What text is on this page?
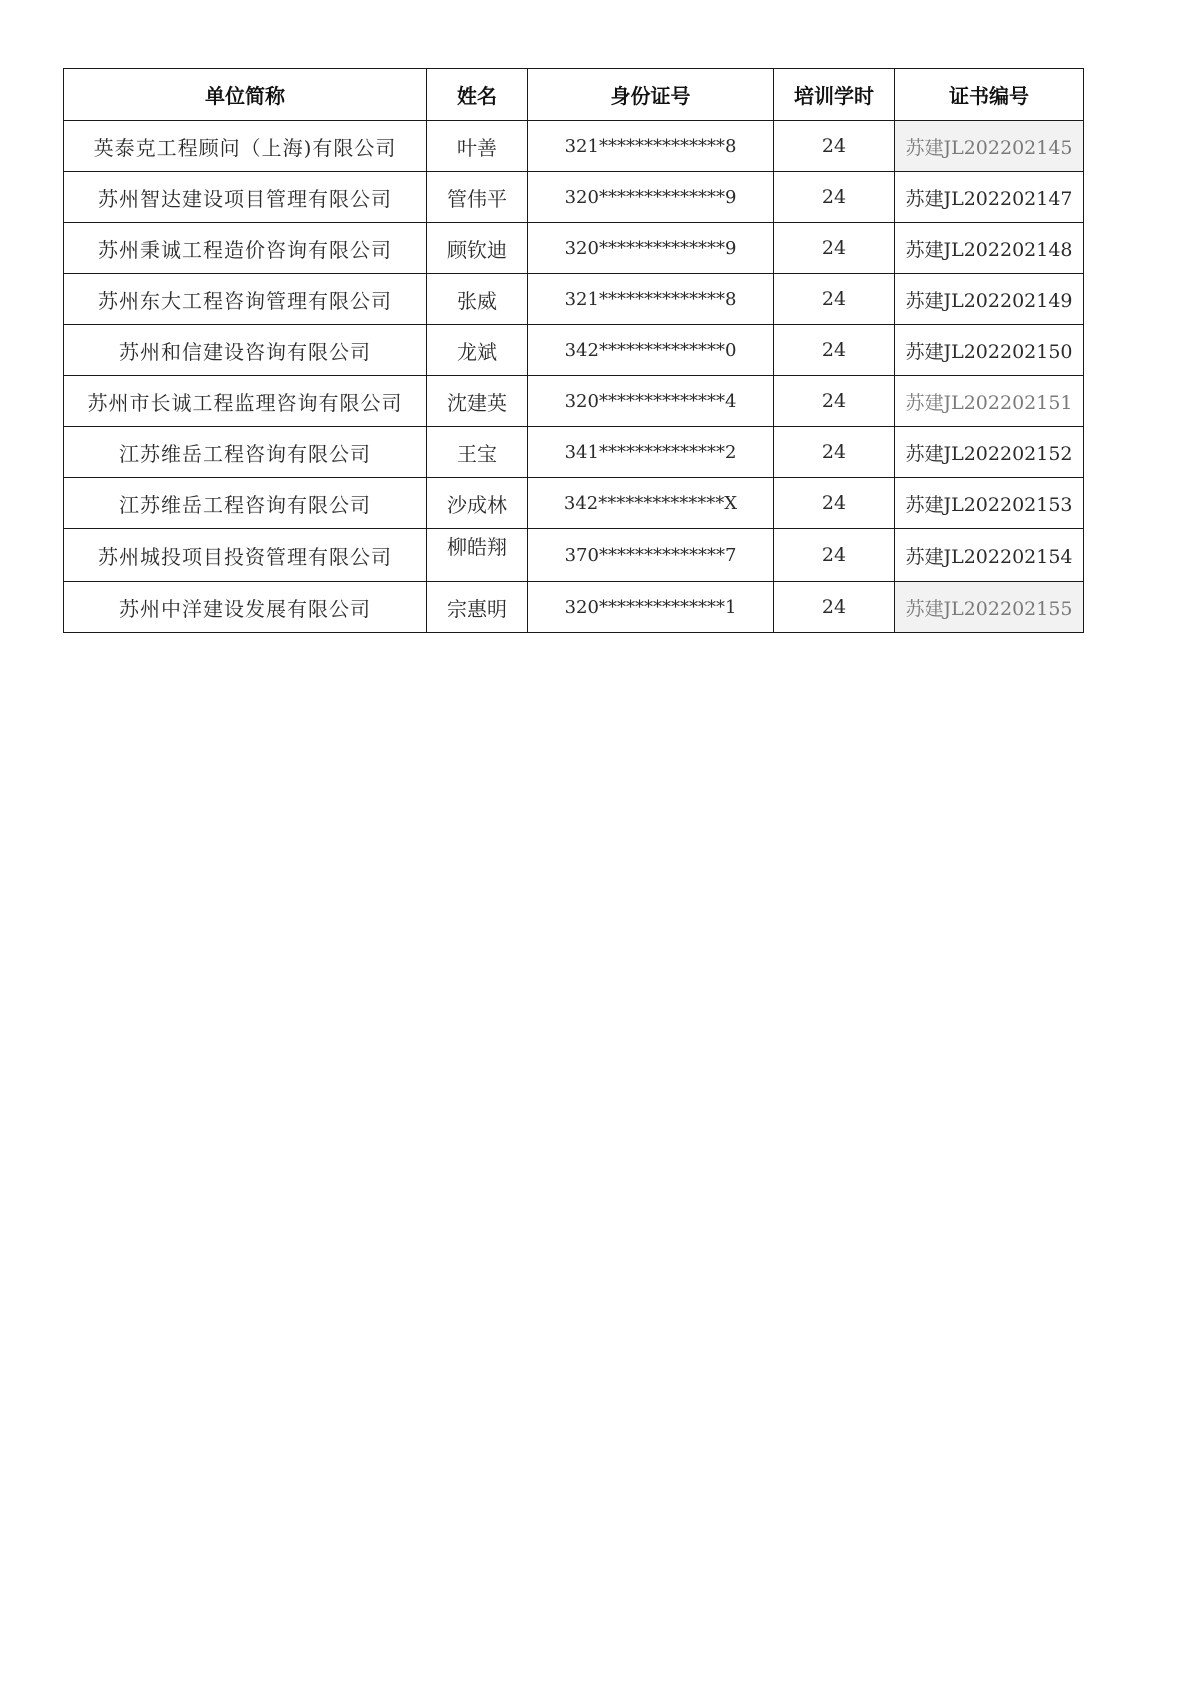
单位简称	姓名	身份证号	培训学时	证书编号
英泰克工程顾问（上海)有限公司	叶善	321**************8	24	苏建JL202202145
苏州智达建设项目管理有限公司	管伟平	320**************9	24	苏建JL202202147
苏州秉诚工程造价咨询有限公司	顾钦迪	320**************9	24	苏建JL202202148
苏州东大工程咨询管理有限公司	张威	321**************8	24	苏建JL202202149
苏州和信建设咨询有限公司	龙斌	342**************0	24	苏建JL202202150
苏州市长诚工程监理咨询有限公司	沈建英	320**************4	24	苏建JL202202151
江苏维岳工程咨询有限公司	王宝	341**************2	24	苏建JL202202152
江苏维岳工程咨询有限公司	沙成林	342**************X	24	苏建JL202202153
苏州城投项目投资管理有限公司	柳皓翔	370**************7	24	苏建JL202202154
苏州中洋建设发展有限公司	宗惠明	320**************1	24	苏建JL202202155
